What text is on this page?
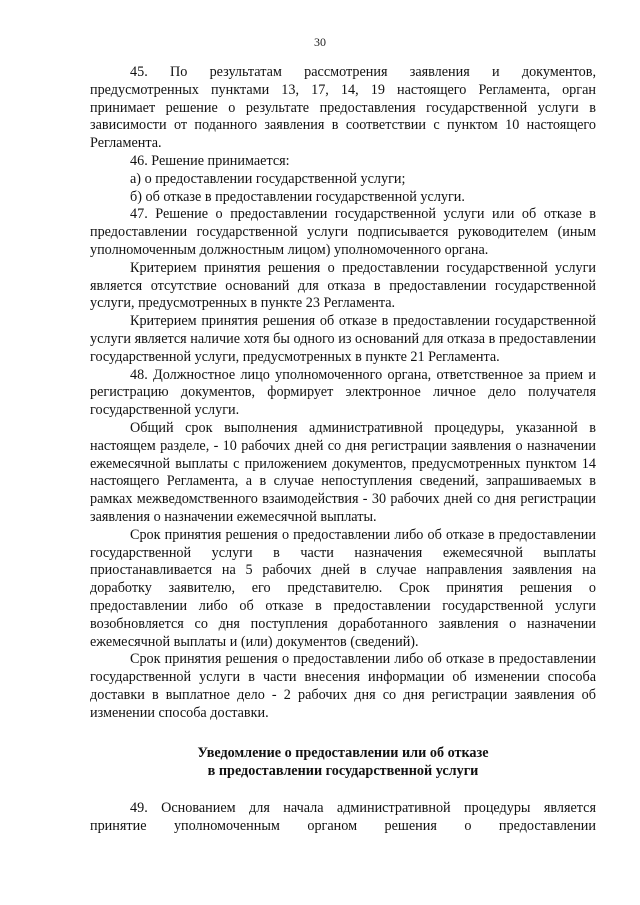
30

45. По результатам рассмотрения заявления и документов, предусмотренных пунктами 13, 17, 14, 19 настоящего Регламента, орган принимает решение о результате предоставления государственной услуги в зависимости от поданного заявления в соответствии с пунктом 10 настоящего Регламента.

46. Решение принимается:

а) о предоставлении государственной услуги;

б) об отказе в предоставлении государственной услуги.

47. Решение о предоставлении государственной услуги или об отказе в предоставлении государственной услуги подписывается руководителем (иным уполномоченным должностным лицом) уполномоченного органа.

Критерием принятия решения о предоставлении государственной услуги является отсутствие оснований для отказа в предоставлении государственной услуги, предусмотренных в пункте 23 Регламента.

Критерием принятия решения об отказе в предоставлении государственной услуги является наличие хотя бы одного из оснований для отказа в предоставлении государственной услуги, предусмотренных в пункте 21 Регламента.

48. Должностное лицо уполномоченного органа, ответственное за прием и регистрацию документов, формирует электронное личное дело получателя государственной услуги.

Общий срок выполнения административной процедуры, указанной в настоящем разделе, - 10 рабочих дней со дня регистрации заявления о назначении ежемесячной выплаты с приложением документов, предусмотренных пунктом 14 настоящего Регламента, а в случае непоступления сведений, запрашиваемых в рамках межведомственного взаимодействия - 30 рабочих дней со дня регистрации заявления о назначении ежемесячной выплаты.

Срок принятия решения о предоставлении либо об отказе в предоставлении государственной услуги в части назначения ежемесячной выплаты приостанавливается на 5 рабочих дней в случае направления заявления на доработку заявителю, его представителю. Срок принятия решения о предоставлении либо об отказе в предоставлении государственной услуги возобновляется со дня поступления доработанного заявления о назначении ежемесячной выплаты и (или) документов (сведений).

Срок принятия решения о предоставлении либо об отказе в предоставлении государственной услуги в части внесения информации об изменении способа доставки в выплатное дело - 2 рабочих дня со дня регистрации заявления об изменении способа доставки.

Уведомление о предоставлении или об отказе
в предоставлении государственной услуги

49. Основанием для начала административной процедуры является принятие уполномоченным органом решения о предоставлении
